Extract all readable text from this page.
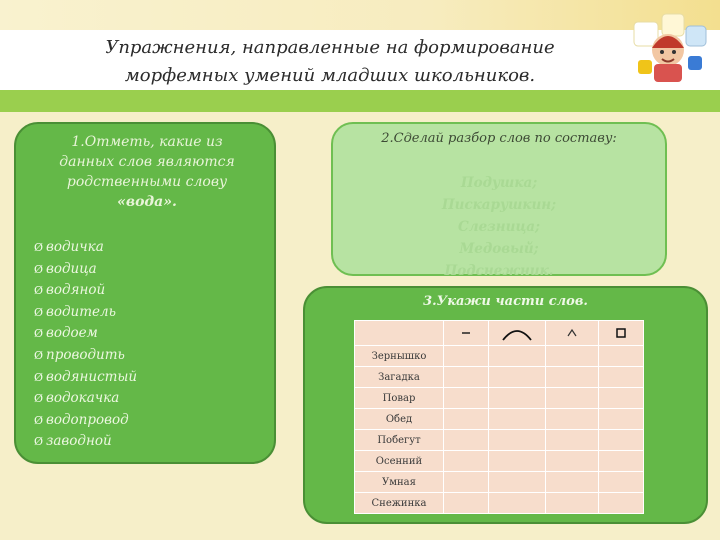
Упражнения, направленные на формирование
морфемных умений младших школьников.
1.Отметь, какие из
данных слов являются
родственными слову
«вода».
Ø водичка
Ø водица
Ø водяной
Ø водитель
Ø водоем
Ø проводить
Ø водянистый
Ø водокачка
Ø водопровод
Ø заводной
2.Сделай разбор слов по составу:
Подушка;
Пискарушкин;
Слезница;
Медовый;
Подснежник.
3.Укажи части слов.

Зернышко				
Загадка				
Повар				
Обед				
Побегут				
Осенний				
Умная				
Снежинка				
